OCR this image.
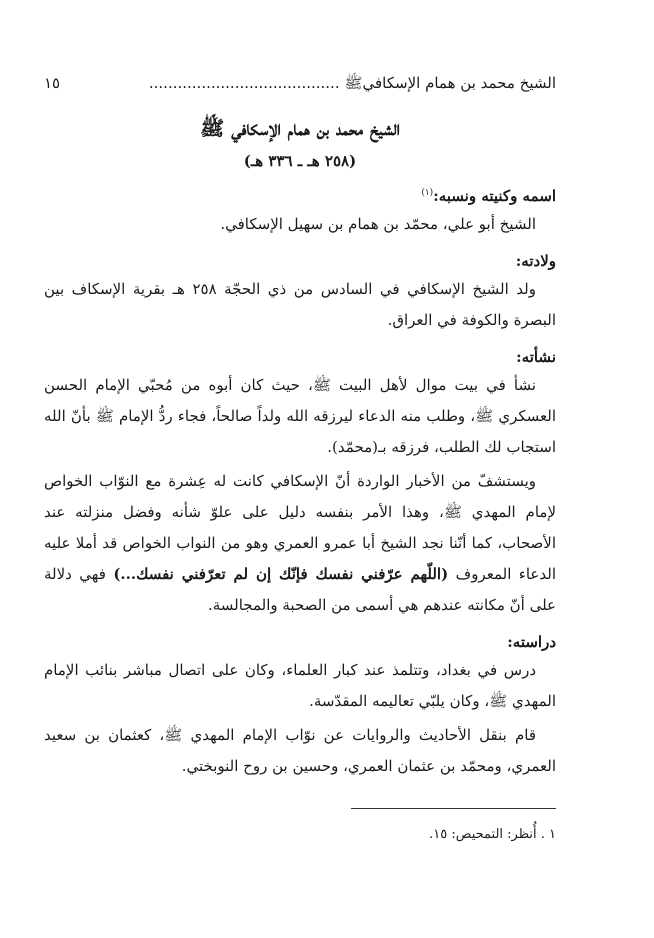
الشيخ محمد بن همام الإسكافيﷺ ........................................
١٥
الشيخ محمد بن همام الإسكافي ﷺ
(٢٥٨ هـ ـ ٣٣٦ هـ)
اسمه وكنيته ونسبه:$^{(١)}$

الشيخ أبو علي، محمّد بن همام بن سهيل الإسكافي.

ولادته:

ولد الشيخ الإسكافي في السادس من ذي الحجّة ٢٥٨ هـ بقرية الإسكاف بين البصرة والكوفة في العراق.

نشأته:

نشأ في بيت موال لأهل البيت ﷺ، حيث كان أبوه من مُحبّي الإمام الحسن العسكري ﷺ، وطلب منه الدعاء ليرزقه الله ولداً صالحاً، فجاء ردُّ الإمام ﷺ بأنّ الله استجاب لك الطلب، فرزقه بـ(محمّد).

ويستشفّ من الأخبار الواردة أنّ الإسكافي كانت له عِشرة مع النوّاب الخواص لإمام المهدي ﷺ، وهذا الأمر بنفسه دليل على علوّ شأنه وفضل منزلته عند الأصحاب، كما أنّنا نجد الشيخ أبا عمرو العمري وهو من النواب الخواص قد أملا عليه الدعاء المعروف (اللّهم عرّفني نفسك فإنّك إن لم تعرّفني نفسك...) فهي دلالة على أنّ مكانته عندهم هي أسمى من الصحبة والمجالسة.

دراسته:

درس في بغداد، وتتلمذ عند كبار العلماء، وكان على اتصال مباشر بنائب الإمام المهدي ﷺ، وكان يلبّي تعاليمه المقدّسة.

قام بنقل الأحاديث والروايات عن نوّاب الإمام المهدي ﷺ، كعثمان بن سعيد العمري، ومحمّد بن عثمان العمري، وحسين بن روح النوبختي.

١ . أُنظر: التمحيص: ١٥.
